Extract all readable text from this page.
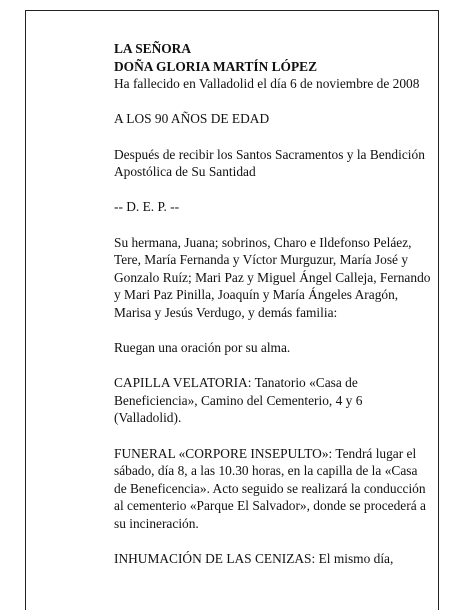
LA SEÑORA
DOÑA GLORIA MARTÍN LÓPEZ
Ha fallecido en Valladolid el día 6 de noviembre de 2008

A LOS 90 AÑOS DE EDAD

Después de recibir los Santos Sacramentos y la Bendición Apostólica de Su Santidad

-- D. E. P. --

Su hermana, Juana; sobrinos, Charo e Ildefonso Peláez, Tere, María Fernanda y Víctor Murguzur, María José y Gonzalo Ruíz; Mari Paz y Miguel Ángel Calleja, Fernando y Mari Paz Pinilla, Joaquín y María Ángeles Aragón, Marisa y Jesús Verdugo, y demás familia:

Ruegan una oración por su alma.

CAPILLA VELATORIA: Tanatorio «Casa de Beneficiencia», Camino del Cementerio, 4 y 6 (Valladolid).

FUNERAL «CORPORE INSEPULTO»: Tendrá lugar el sábado, día 8, a las 10.30 horas, en la capilla de la «Casa de Beneficencia». Acto seguido se realizará la conducción al cementerio «Parque El Salvador», donde se procederá a su incineración.

INHUMACIÓN DE LAS CENIZAS: El mismo día,
